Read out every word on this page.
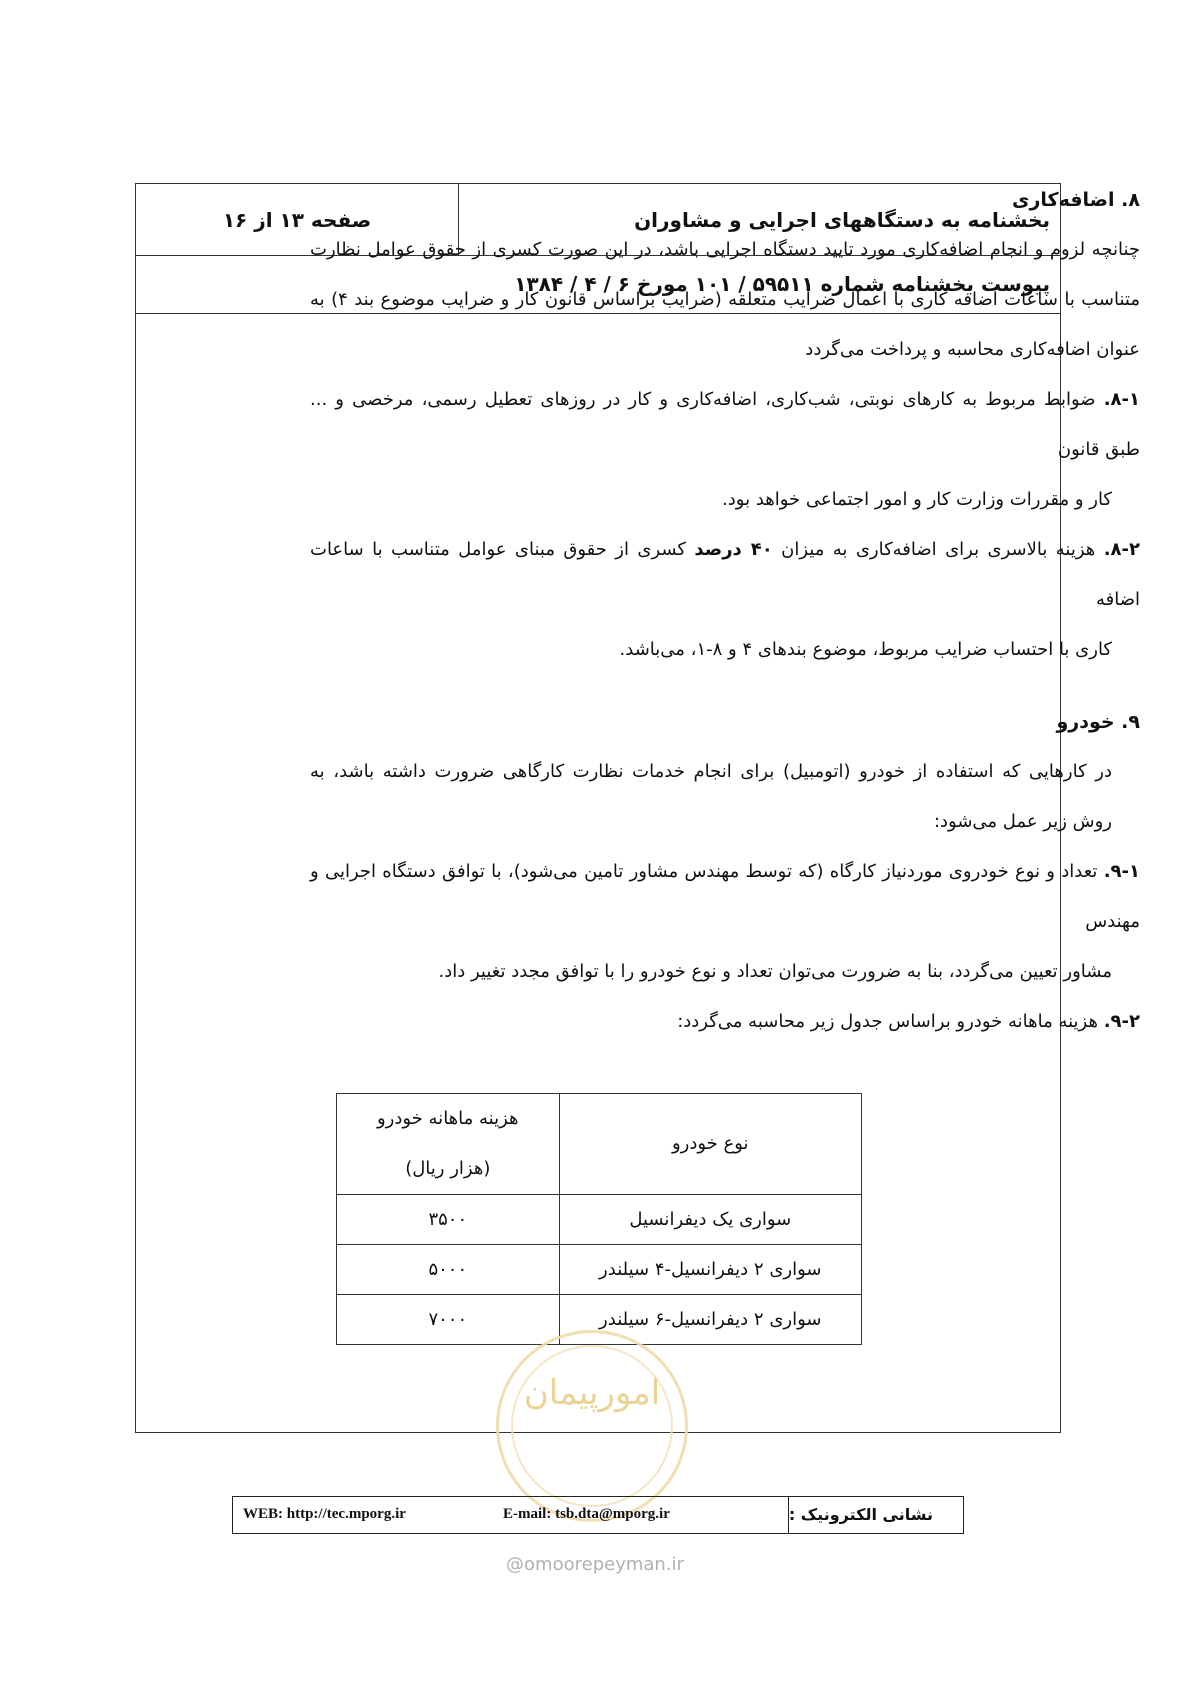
بخشنامه به دستگاههای اجرایی و مشاوران
صفحه ۱۳ از ۱۶
پیوست بخشنامه شماره ۵۹۵۱۱ / ۱۰۱ مورخ ۶ / ۴ / ۱۳۸۴

۸. اضافه‌کاری

چنانچه لزوم و انجام اضافه‌کاری مورد تایید دستگاه اجرایی باشد، در این صورت کسری از حقوق عوامل نظارت متناسب با ساعات اضافه کاری با اعمال ضرایب متعلقه (ضرایب براساس قانون کار و ضرایب موضوع بند ۴) به عنوان اضافه‌کاری محاسبه و پرداخت می‌گردد

۸-۱. ضوابط مربوط به کارهای نوبتی، شب‌کاری، اضافه‌کاری و کار در روزهای تعطیل رسمی، مرخصی و ... طبق قانون

کار و مقررات وزارت کار و امور اجتماعی خواهد بود.

۸-۲. هزینه بالاسری برای اضافه‌کاری به میزان ۴۰ درصد کسری از حقوق مبنای عوامل متناسب با ساعات اضافه

کاری با احتساب ضرایب مربوط، موضوع بندهای ۴ و ۸-۱، می‌باشد.

۹. خودرو

در کارهایی که استفاده از خودرو (اتومبیل) برای انجام خدمات نظارت کارگاهی ضرورت داشته باشد، به روش زیر عمل می‌شود:

۹-۱. تعداد و نوع خودروی موردنیاز کارگاه (که توسط مهندس مشاور تامین می‌شود)، با توافق دستگاه اجرایی و مهندس

مشاور تعیین می‌گردد، بنا به ضرورت می‌توان تعداد و نوع خودرو را با توافق مجدد تغییر داد.

۹-۲. هزینه ماهانه خودرو براساس جدول زیر محاسبه می‌گردد:

نوع خودرو	هزینه ماهانه خودرو
(هزار ریال)

سواری یک دیفرانسیل	۳۵۰۰
سواری ۲ دیفرانسیل-۴ سیلندر	۵۰۰۰
سواری ۲ دیفرانسیل-۶ سیلندر	۷۰۰۰
امورپیمان
نشانی الکترونیک :
E-mail: tsb.dta@mporg.ir
WEB: http://tec.mporg.ir
@omoorepeyman.ir
